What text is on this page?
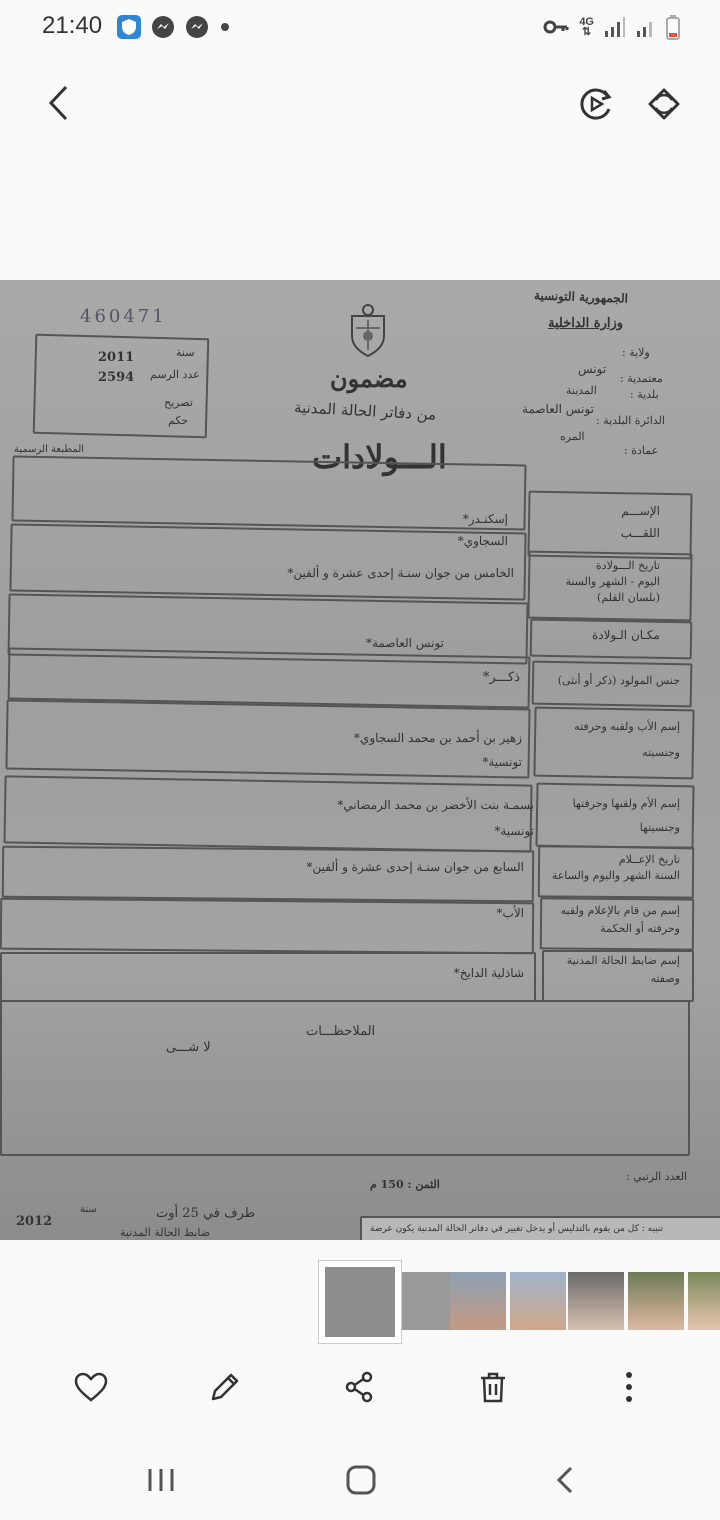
21:40	4G
⇅
460471
سنة
2011
عدد الرسم
2594
تصريح
حكم
الجمهورية التونسية
وزارة الداخلية
ولاية :
تونس
معتمدية :
بلدية :
المدينة
تونس العاصمة
الدائرة البلدية :
المره
عمادة :
مضمون
من دفاتر الحالة المدنية
الـــولادات
المطبعة الرسمية
الإســـم
اللقـــب
إسكنـدر*
السجاوي*
تاريخ الـــولادة
اليوم - الشهر والسنة
(بلسان القلم)
الخامس من جوان سنـة إحدى عشرة و ألفين*
مكـان الـولادة
تونس العاصمة*
جنس المولود (ذكر أو أنثى)
ذكـــر*
إسم الأب ولقبه وحرفته
وجنسيته
زهير بن أحمد بن محمد السجاوي*
تونسية*
إسم الأم ولقبها وحرفتها
وجنسيتها
بسمـة بنت الأخضر بن محمد الرمضاني*
تونسية*
تاريخ الإعــلام
السنة الشهر واليوم والساعة
السابع من جوان سنـة إحدى عشرة و ألفين*
إسم من قام بالإعلام ولقبه
وحرفته أو الحكمة
الأب*
إسم ضابط الحالة المدنية
وصفته
شاذلية الدايخ*
الملاحظـــات
لا شـــى
العدد الرتبي :
الثمن : 150 م
طرف في 25 أوت
ضابط الحالة المدنية
2012
سنة
تنبيه : كل من يقوم بالتدليس أو يدخل تغيير في دفاتر الحالة المدنية يكون عرضة
